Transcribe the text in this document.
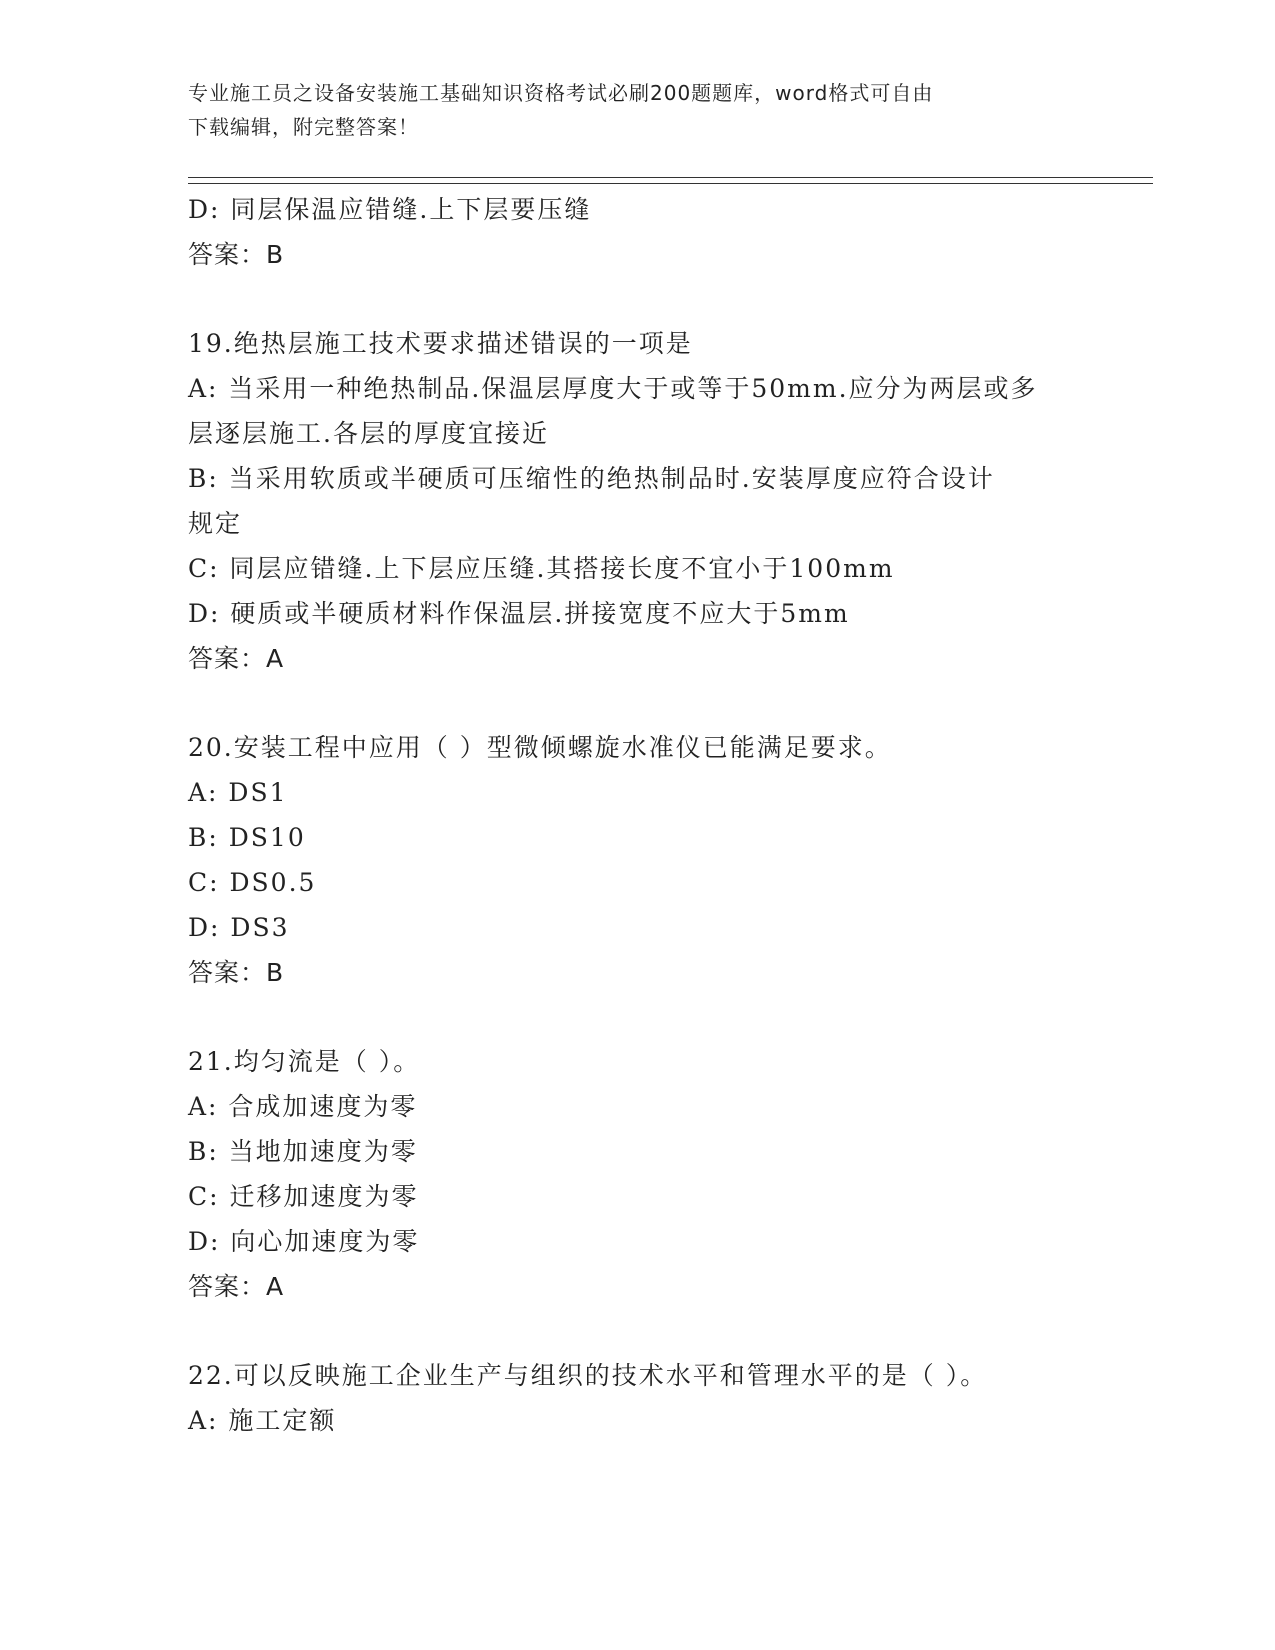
专业施工员之设备安装施工基础知识资格考试必刷200题题库，word格式可自由
下载编辑，附完整答案！
D: 同层保温应错缝.上下层要压缝
答案：B
19.绝热层施工技术要求描述错误的一项是
A: 当采用一种绝热制品.保温层厚度大于或等于50mm.应分为两层或多
层逐层施工.各层的厚度宜接近
B: 当采用软质或半硬质可压缩性的绝热制品时.安装厚度应符合设计
规定
C: 同层应错缝.上下层应压缝.其搭接长度不宜小于100mm
D: 硬质或半硬质材料作保温层.拼接宽度不应大于5mm
答案：A
20.安装工程中应用（ ）型微倾螺旋水准仪已能满足要求。
A: DS1
B: DS10
C: DS0.5
D: DS3
答案：B
21.均匀流是（ ）。
A: 合成加速度为零
B: 当地加速度为零
C: 迁移加速度为零
D: 向心加速度为零
答案：A
22.可以反映施工企业生产与组织的技术水平和管理水平的是（ ）。
A: 施工定额
